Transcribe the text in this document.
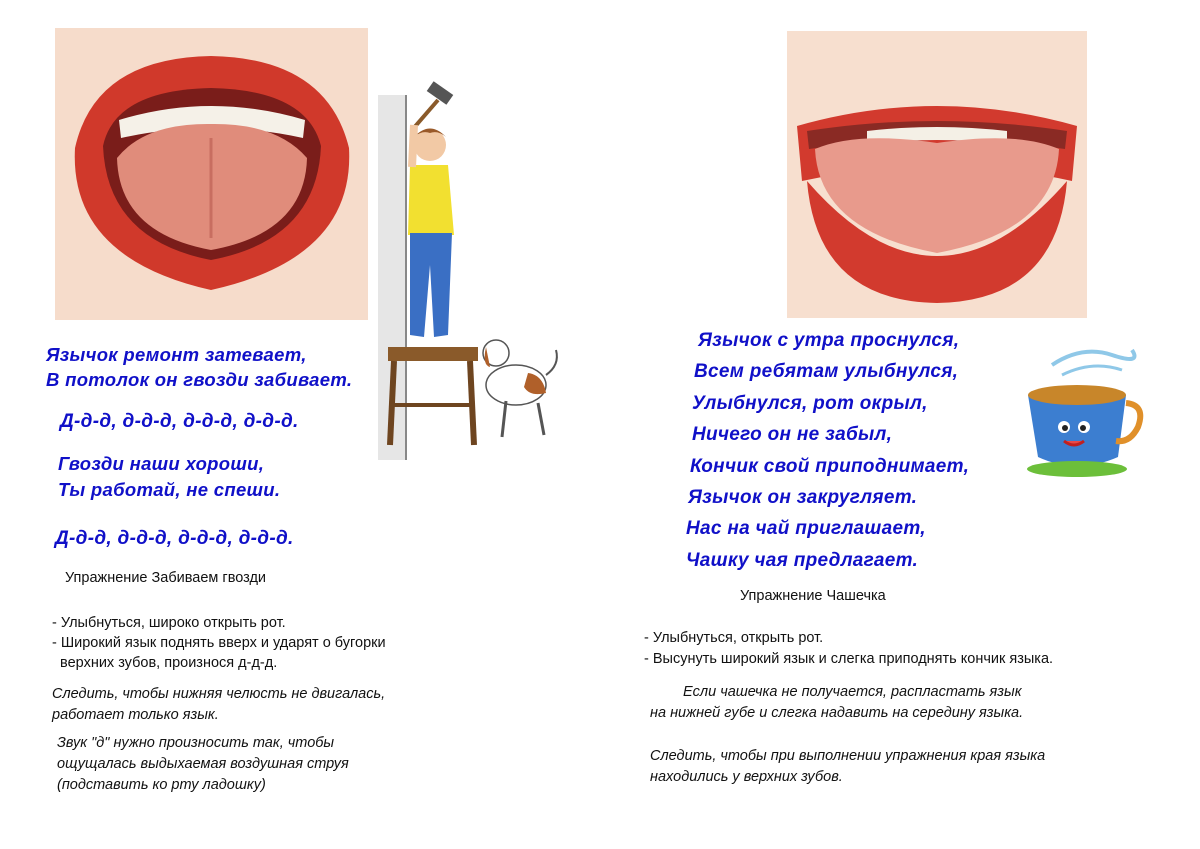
Язычок ремонт затевает,
В потолок он гвозди забивает.
Д-д-д, д-д-д, д-д-д, д-д-д.
Гвозди наши хороши,
Ты работай, не спеши.
Д-д-д, д-д-д, д-д-д, д-д-д.
Упражнение Забиваем гвозди
- Улыбнуться, широко открыть рот.
- Широкий язык поднять вверх и ударят о бугорки
верхних зубов, произнося д-д-д.
Следить, чтобы нижняя челюсть не двигалась,
работает только язык.
Звук "д" нужно произносить так, чтобы
ощущалась выдыхаемая воздушная струя
(подставить ко рту ладошку)
Язычок с утра проснулся,
Всем ребятам улыбнулся,
Улыбнулся, рот окрыл,
Ничего он не забыл,
Кончик свой приподнимает,
Язычок он закругляет.
Нас на чай приглашает,
Чашку чая предлагает.
Упражнение Чашечка
- Улыбнуться, открыть рот.
- Высунуть широкий язык и слегка приподнять кончик языка.
Если чашечка не получается, распластать язык
на нижней губе и слегка надавить на середину языка.
Следить, чтобы при выполнении упражнения края языка
находились у верхних зубов.
